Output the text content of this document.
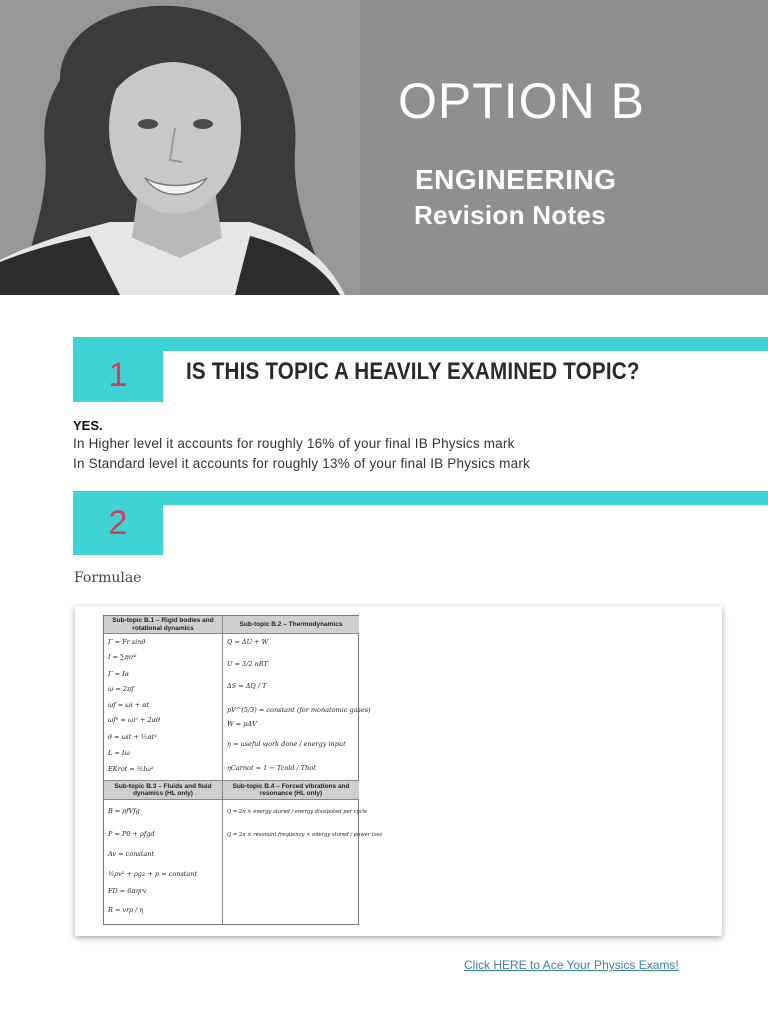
OPTION B
ENGINEERING
Revision Notes
1	IS THIS TOPIC A HEAVILY EXAMINED TOPIC?
YES.
In Higher level it accounts for roughly 16% of your final IB Physics mark
In Standard level it accounts for roughly 13% of your final IB Physics mark
2
Formulae
Sub-topic B.1 – Rigid bodies and rotational dynamics
Sub-topic B.2 – Thermodynamics
Γ = Fr sinθ
I = ∑mr²
Γ = Iα
ω = 2πf
ωf = ωi + αt
ωf² = ωi² + 2αθ
θ = ωit + ½αt²
L = Iω
EKrot = ½Iω²
Q = ΔU + W
U = 3/2 nRT
ΔS = ΔQ / T
pV^(5/3) = constant (for monatomic gases)
W = pΔV
η = useful work done / energy input
ηCarnot = 1 − Tcold / Thot
Sub-topic B.3 – Fluids and fluid dynamics (HL only)
Sub-topic B.4 – Forced vibrations and resonance (HL only)
B = ρfVfg
P = P0 + ρfgd
Av = constant
½ρv² + ρgz + p = constant
FD = 6πηrv
R = vrρ / η
Q = 2π × energy stored / energy dissipated per cycle
Q = 2π × resonant frequency × energy stored / power loss
Click HERE to Ace Your Physics Exams!
